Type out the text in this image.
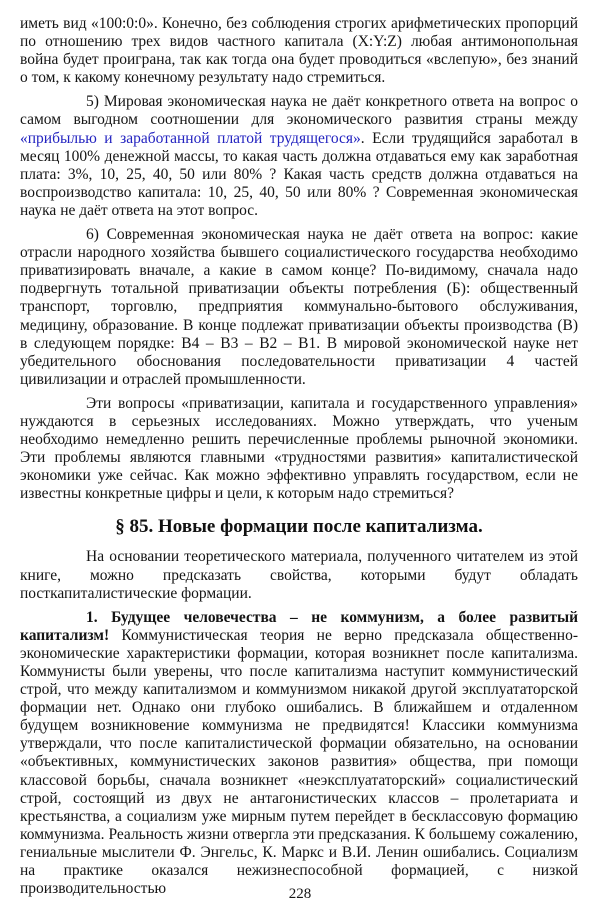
иметь вид «100:0:0». Конечно, без соблюдения строгих арифметических пропорций по отношению трех видов частного капитала (X:Y:Z) любая антимонопольная война будет проиграна, так как тогда она будет проводиться «вслепую», без знаний о том, к какому конечному результату надо стремиться.

5) Мировая экономическая наука не даёт конкретного ответа на вопрос о самом выгодном соотношении для экономического развития страны между «прибылью и заработанной платой трудящегося». Если трудящийся заработал в месяц 100% денежной массы, то какая часть должна отдаваться ему как заработная плата: 3%, 10, 25, 40, 50 или 80% ? Какая часть средств должна отдаваться на воспроизводство капитала: 10, 25, 40, 50 или 80% ? Современная экономическая наука не даёт ответа на этот вопрос.

6) Современная экономическая наука не даёт ответа на вопрос: какие отрасли народного хозяйства бывшего социалистического государства необходимо приватизировать вначале, а какие в самом конце? По-видимому, сначала надо подвергнуть тотальной приватизации объекты потребления (Б): общественный транспорт, торговлю, предприятия коммунально-бытового обслуживания, медицину, образование. В конце подлежат приватизации объекты производства (В) в следующем порядке: В4 – В3 – В2 – В1. В мировой экономической науке нет убедительного обоснования последовательности приватизации 4 частей цивилизации и отраслей промышленности.

Эти вопросы «приватизации, капитала и государственного управления» нуждаются в серьезных исследованиях. Можно утверждать, что ученым необходимо немедленно решить перечисленные проблемы рыночной экономики. Эти проблемы являются главными «трудностями развития» капиталистической экономики уже сейчас. Как можно эффективно управлять государством, если не известны конкретные цифры и цели, к которым надо стремиться?

§ 85. Новые формации после капитализма.

На основании теоретического материала, полученного читателем из этой книге, можно предсказать свойства, которыми будут обладать посткапиталистические формации.

1. Будущее человечества – не коммунизм, а более развитый капитализм! Коммунистическая теория не верно предсказала общественно-экономические характеристики формации, которая возникнет после капитализма. Коммунисты были уверены, что после капитализма наступит коммунистический строй, что между капитализмом и коммунизмом никакой другой эксплуататорской формации нет. Однако они глубоко ошибались. В ближайшем и отдаленном будущем возникновение коммунизма не предвидятся! Классики коммунизма утверждали, что после капиталистической формации обязательно, на основании «объективных, коммунистических законов развития» общества, при помощи классовой борьбы, сначала возникнет «неэксплуататорский» социалистический строй, состоящий из двух не антагонистических классов – пролетариата и крестьянства, а социализм уже мирным путем перейдет в бесклассовую формацию коммунизма. Реальность жизни отвергла эти предсказания. К большему сожалению, гениальные мыслители Ф. Энгельс, К. Маркс и В.И. Ленин ошибались. Социализм на практике оказался нежизнеспособной формацией, с низкой производительностью	228
